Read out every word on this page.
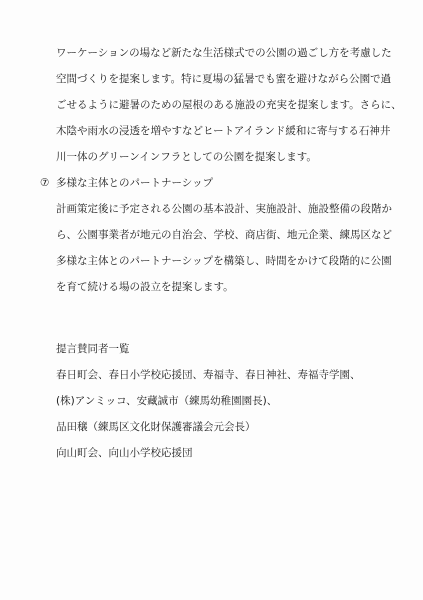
ワーケーションの場など新たな生活様式での公園の過ごし方を考慮した
空間づくりを提案します。特に夏場の猛暑でも蜜を避けながら公園で過
ごせるように避暑のための屋根のある施設の充実を提案します。さらに、
木陰や雨水の浸透を増やすなどヒートアイランド緩和に寄与する石神井
川一体のグリーンインフラとしての公園を提案します。
⑦ 多様な主体とのパートナーシップ
計画策定後に予定される公園の基本設計、実施設計、施設整備の段階か
ら、公園事業者が地元の自治会、学校、商店街、地元企業、練馬区など
多様な主体とのパートナーシップを構築し、時間をかけて段階的に公園
を育て続ける場の設立を提案します。
提言賛同者一覧
春日町会、春日小学校応援団、寿福寺、春日神社、寿福寺学園、
(株)アンミッコ、安藏誠市（練馬幼稚園園長)、
品田穣（練馬区文化財保護審議会元会長）
向山町会、向山小学校応援団
